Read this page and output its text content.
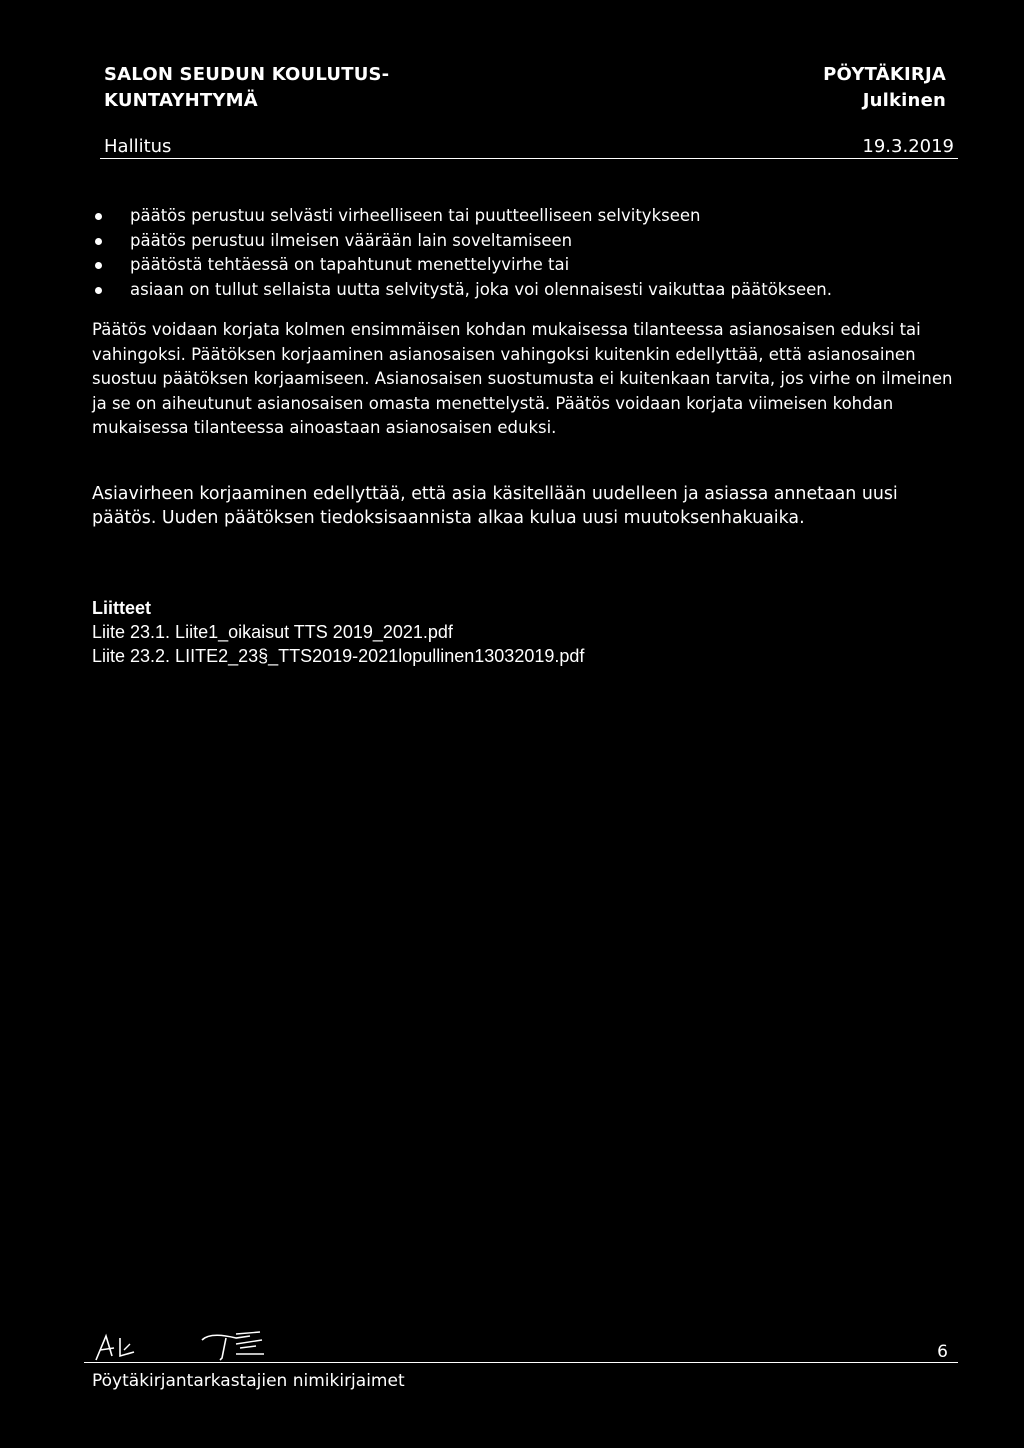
SALON SEUDUN KOULUTUS-
KUNTAYHTYMÄ
PÖYTÄKIRJA
Julkinen
Hallitus	19.3.2019
päätös perustuu selvästi virheelliseen tai puutteelliseen selvitykseen
päätös perustuu ilmeisen väärään lain soveltamiseen
päätöstä tehtäessä on tapahtunut menettelyvirhe tai
asiaan on tullut sellaista uutta selvitystä, joka voi olennaisesti vaikuttaa päätökseen.

Päätös voidaan korjata kolmen ensimmäisen kohdan mukaisessa tilanteessa asianosaisen eduksi tai vahingoksi. Päätöksen korjaaminen asianosaisen vahingoksi kuitenkin edellyttää, että asianosainen suostuu päätöksen korjaamiseen. Asianosaisen suostumusta ei kuitenkaan tarvita, jos virhe on ilmeinen ja se on aiheutunut asianosaisen omasta menettelystä. Päätös voidaan korjata viimeisen kohdan mukaisessa tilanteessa ainoastaan asianosaisen eduksi.

Asiavirheen korjaaminen edellyttää, että asia käsitellään uudelleen ja asiassa annetaan uusi päätös. Uuden päätöksen tiedoksisaannista alkaa kulua uusi muutoksenhakuaika.

Liitteet
Liite 23.1. Liite1_oikaisut TTS 2019_2021.pdf
Liite 23.2. LIITE2_23§_TTS2019-2021lopullinen13032019.pdf
6
Pöytäkirjantarkastajien nimikirjaimet
